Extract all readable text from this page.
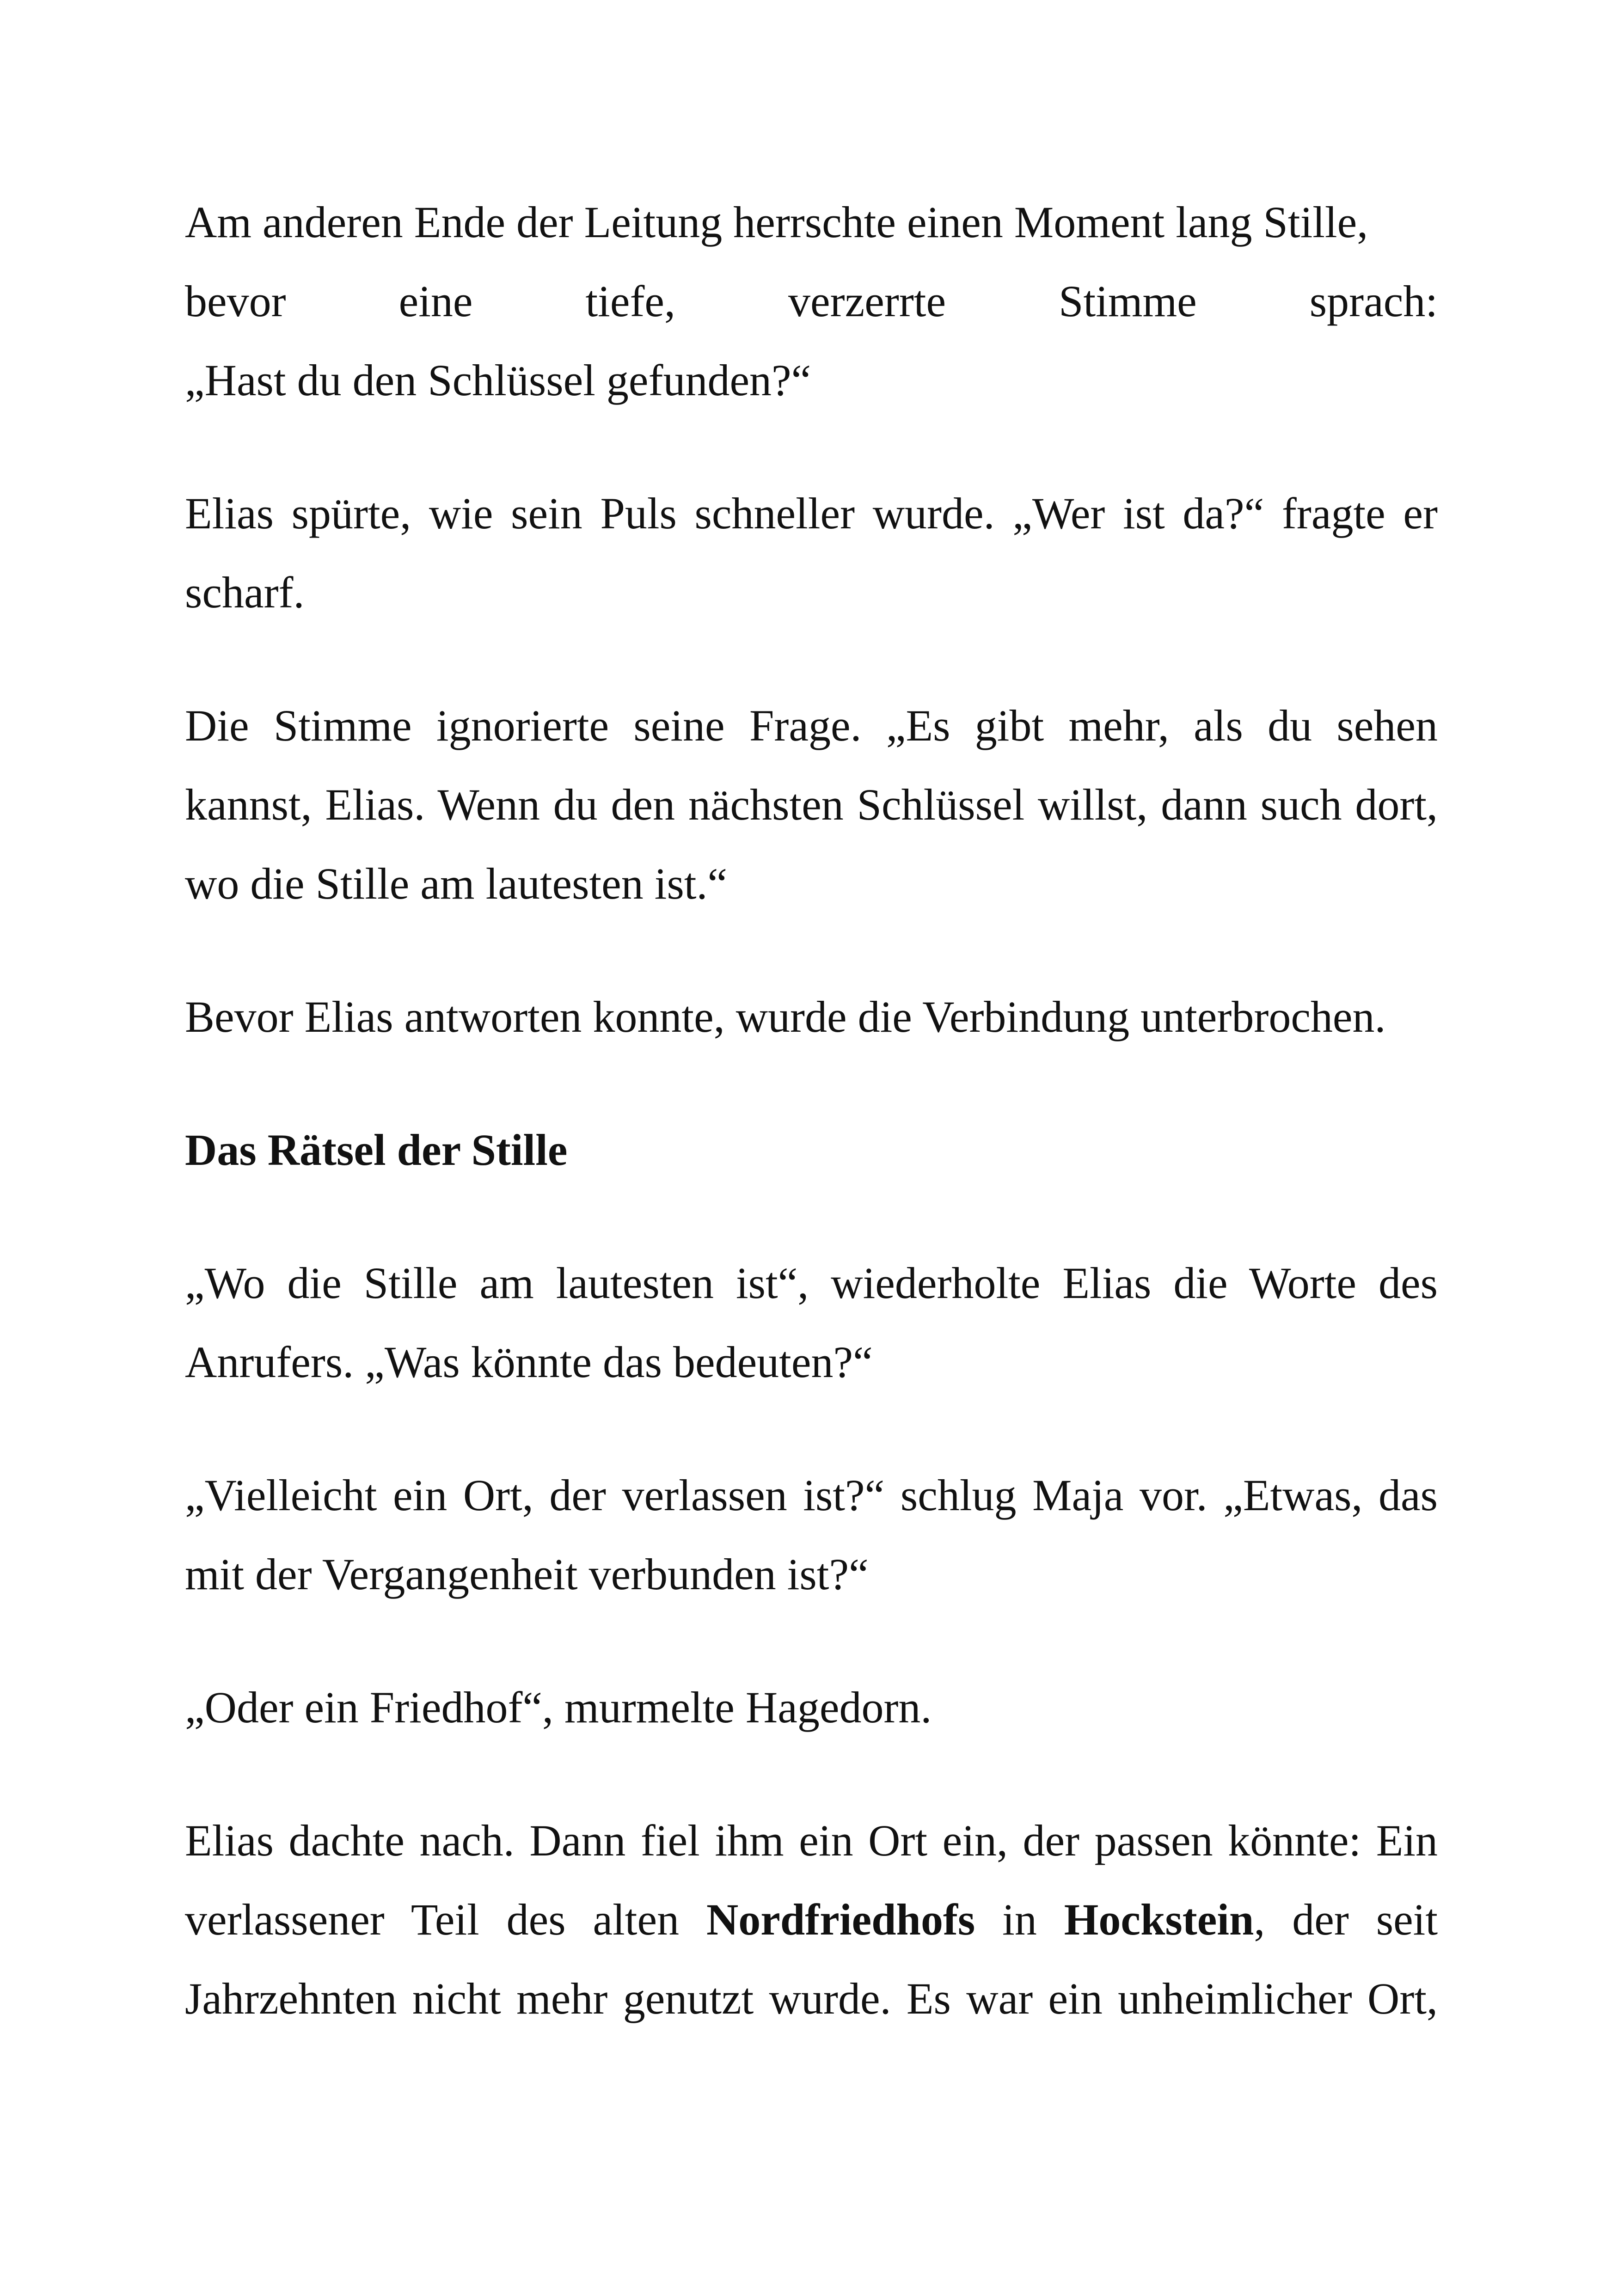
Am anderen Ende der Leitung herrschte einen Moment lang Stille,
bevor eine tiefe, verzerrte Stimme sprach:
„Hast du den Schlüssel gefunden?“

Elias spürte, wie sein Puls schneller wurde. „Wer ist da?“ fragte er scharf.

Die Stimme ignorierte seine Frage. „Es gibt mehr, als du sehen kannst, Elias. Wenn du den nächsten Schlüssel willst, dann such dort, wo die Stille am lautesten ist.“

Bevor Elias antworten konnte, wurde die Verbindung unterbrochen.

Das Rätsel der Stille

„Wo die Stille am lautesten ist“, wiederholte Elias die Worte des Anrufers. „Was könnte das bedeuten?“

„Vielleicht ein Ort, der verlassen ist?“ schlug Maja vor. „Etwas, das mit der Vergangenheit verbunden ist?“

„Oder ein Friedhof“, murmelte Hagedorn.

Elias dachte nach. Dann fiel ihm ein Ort ein, der passen könnte: Ein verlassener Teil des alten Nordfriedhofs in Hockstein, der seit Jahrzehnten nicht mehr genutzt wurde. Es war ein unheimlicher Ort,
